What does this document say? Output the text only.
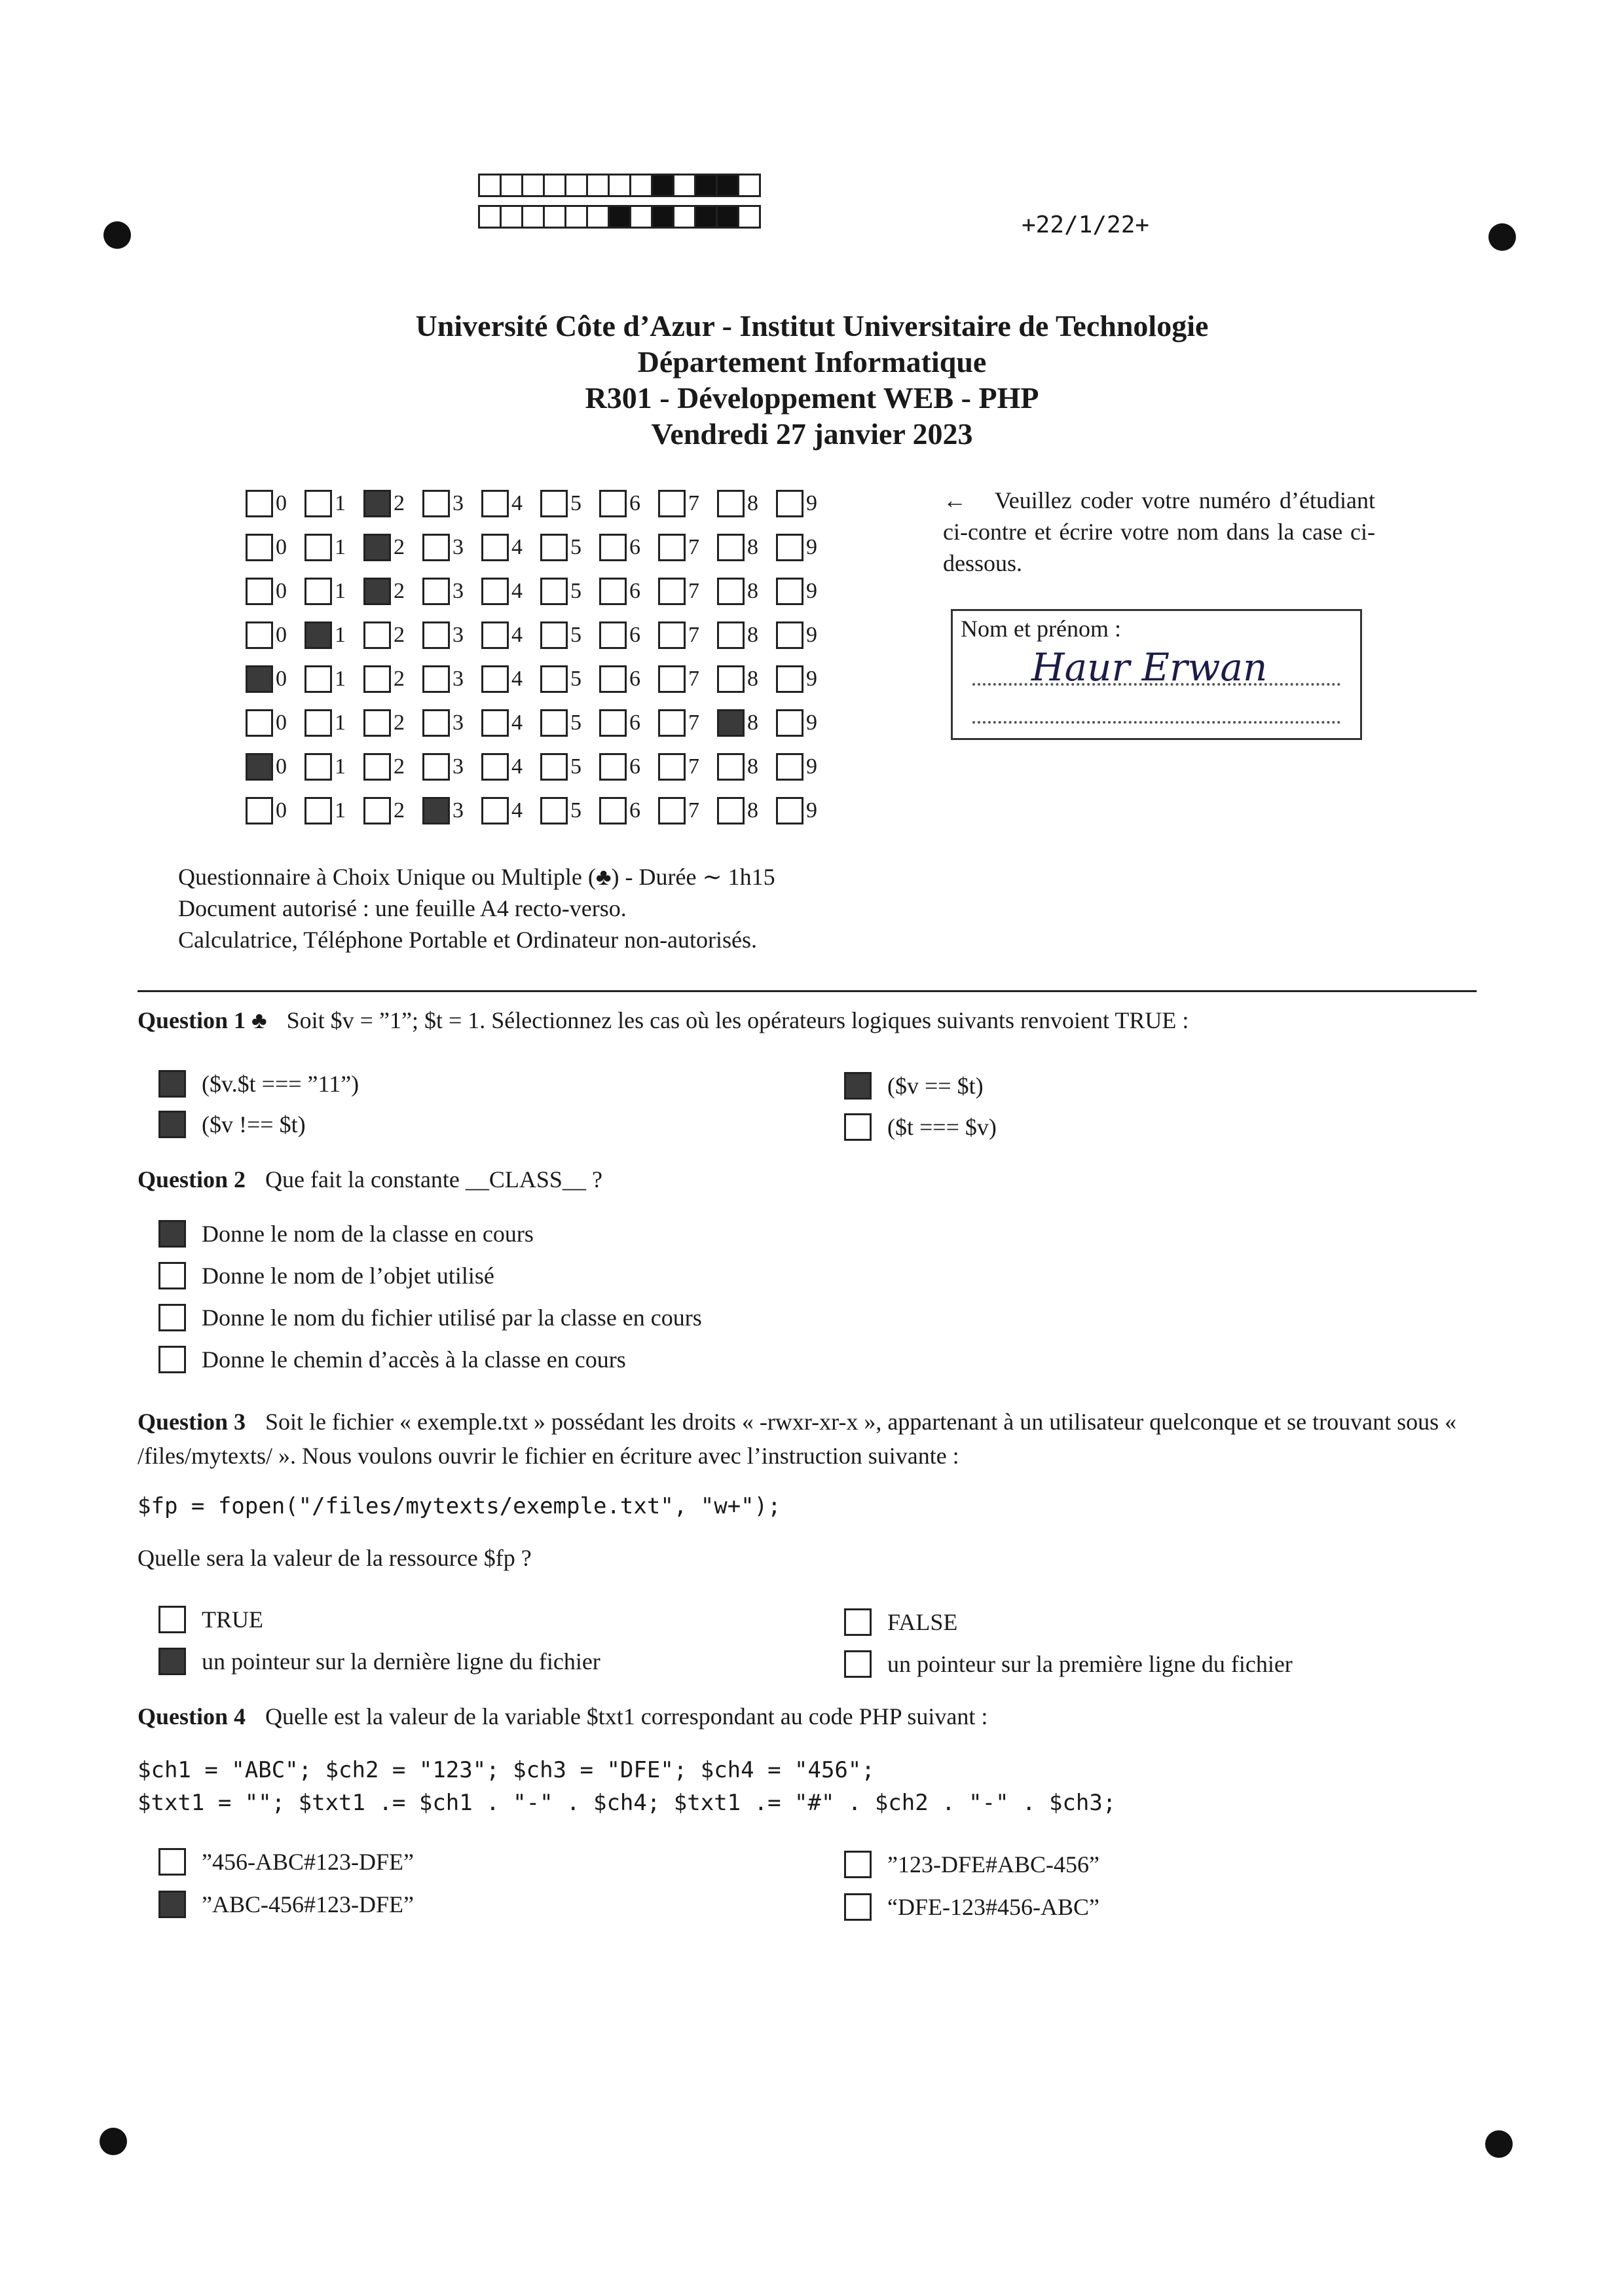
+22/1/22+
Université Côte d’Azur - Institut Universitaire de Technologie
Département Informatique
R301 - Développement WEB - PHP
Vendredi 27 janvier 2023
0 1 2 3 4 5 6 7 8 9
0 1 2 3 4 5 6 7 8 9
0 1 2 3 4 5 6 7 8 9
0 1 2 3 4 5 6 7 8 9
0 1 2 3 4 5 6 7 8 9
0 1 2 3 4 5 6 7 8 9
0 1 2 3 4 5 6 7 8 9
0 1 2 3 4 5 6 7 8 9
← Veuillez coder votre numéro d’étudiant ci-contre et écrire votre nom dans la case ci-dessous.
Nom et prénom :
Haur Erwan
Questionnaire à Choix Unique ou Multiple (♣) - Durée ∼ 1h15
Document autorisé : une feuille A4 recto-verso.
Calculatrice, Téléphone Portable et Ordinateur non-autorisés.
Question 1 ♣ Soit $v = ”1”; $t = 1. Sélectionnez les cas où les opérateurs logiques suivants renvoient TRUE :
($v.$t === ”11”)	($v == $t)
($v !== $t)	($t === $v)
Question 2 Que fait la constante __CLASS__ ?
Donne le nom de la classe en cours
Donne le nom de l’objet utilisé
Donne le nom du fichier utilisé par la classe en cours
Donne le chemin d’accès à la classe en cours
Question 3 Soit le fichier « exemple.txt » possédant les droits « -rwxr-xr-x », appartenant à un utilisateur quelconque et se trouvant sous « /files/mytexts/ ». Nous voulons ouvrir le fichier en écriture avec l’instruction suivante :
$fp = fopen("/files/mytexts/exemple.txt", "w+");
Quelle sera la valeur de la ressource $fp ?
TRUE	FALSE
un pointeur sur la dernière ligne du fichier	un pointeur sur la première ligne du fichier
Question 4 Quelle est la valeur de la variable $txt1 correspondant au code PHP suivant :
$ch1 = "ABC"; $ch2 = "123"; $ch3 = "DFE"; $ch4 = "456";
$txt1 = ""; $txt1 .= $ch1 . "-" . $ch4; $txt1 .= "#" . $ch2 . "-" . $ch3;
”456-ABC#123-DFE”	”123-DFE#ABC-456”
”ABC-456#123-DFE”	“DFE-123#456-ABC”
